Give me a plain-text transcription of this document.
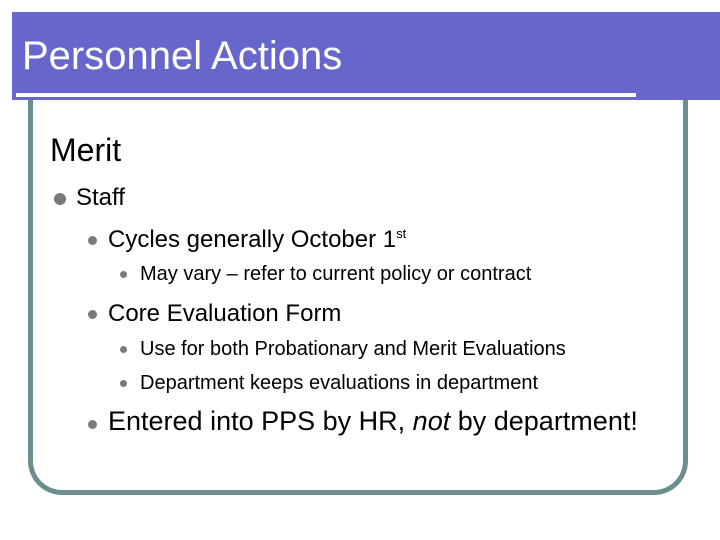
Personnel Actions
Merit
Staff
Cycles generally October 1st
May vary – refer to current policy or contract
Core Evaluation Form
Use for both Probationary and Merit Evaluations
Department keeps evaluations in department
Entered into PPS by HR, not by department!
